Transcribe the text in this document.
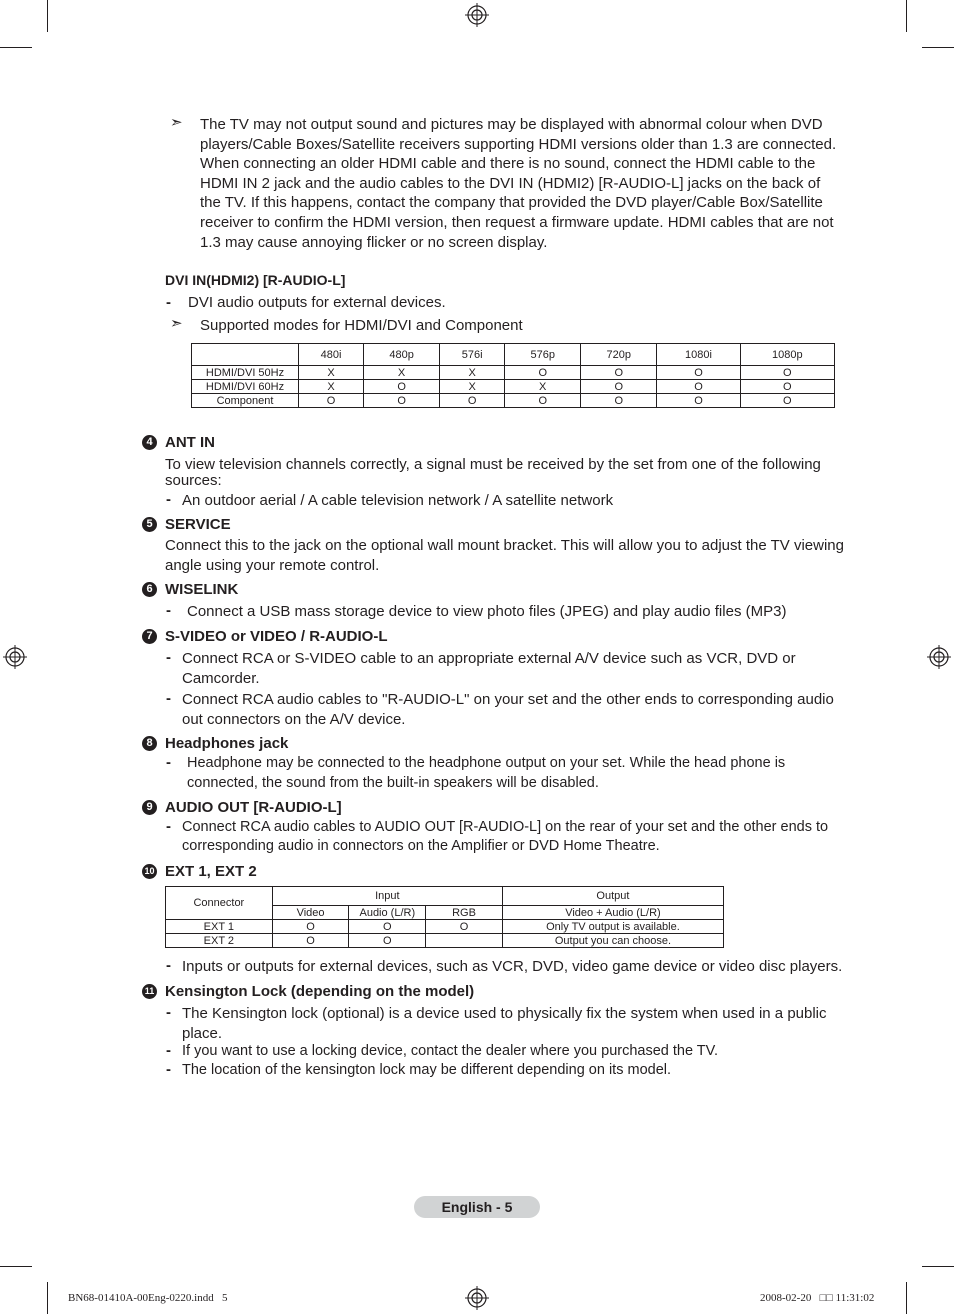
➣ The TV may not output sound and pictures may be displayed with abnormal colour when DVD
players/Cable Boxes/Satellite receivers supporting HDMI versions older than 1.3 are connected.
When connecting an older HDMI cable and there is no sound, connect the HDMI cable to the
HDMI IN 2 jack and the audio cables to the DVI IN (HDMI2) [R-AUDIO-L] jacks on the back of
the TV. If this happens, contact the company that provided the DVD player/Cable Box/Satellite
receiver to confirm the HDMI version, then request a firmware update. HDMI cables that are not
1.3 may cause annoying flicker or no screen display.
DVI IN(HDMI2) [R-AUDIO-L]
- DVI audio outputs for external devices.
➣ Supported modes for HDMI/DVI and Component
	480i	480p	576i	576p	720p	1080i	1080p
HDMI/DVI 50Hz	X	X	X	O	O	O	O
HDMI/DVI 60Hz	X	O	X	X	O	O	O
Component	O	O	O	O	O	O	O
4 ANT IN
To view television channels correctly, a signal must be received by the set from one of the following
sources:
- An outdoor aerial / A cable television network / A satellite network
5 SERVICE
Connect this to the jack on the optional wall mount bracket. This will allow you to adjust the TV viewing
angle using your remote control.
6 WISELINK
- Connect a USB mass storage device to view photo files (JPEG) and play audio files (MP3)
7 S-VIDEO or VIDEO / R-AUDIO-L
- Connect RCA or S-VIDEO cable to an appropriate external A/V device such as VCR, DVD or
Camcorder.
- Connect RCA audio cables to "R-AUDIO-L" on your set and the other ends to corresponding audio
out connectors on the A/V device.
8 Headphones jack
- Headphone may be connected to the headphone output on your set. While the head phone is
connected, the sound from the built-in speakers will be disabled.
9 AUDIO OUT [R-AUDIO-L]
- Connect RCA audio cables to AUDIO OUT [R-AUDIO-L] on the rear of your set and the other ends to
corresponding audio in connectors on the Amplifier or DVD Home Theatre.
10 EXT 1, EXT 2
Connector	Input			Output
	Video	Audio (L/R)	RGB	Video + Audio (L/R)
EXT 1	O	O	O	Only TV output is available.
EXT 2	O	O		Output you can choose.
- Inputs or outputs for external devices, such as VCR, DVD, video game device or video disc players.
11 Kensington Lock (depending on the model)
- The Kensington lock (optional) is a device used to physically fix the system when used in a public
place.
- If you want to use a locking device, contact the dealer where you purchased the TV.
- The location of the kensington lock may be different depending on its model.
English - 5
BN68-01410A-00Eng-0220.indd   5	2008-02-20   □□ 11:31:02
